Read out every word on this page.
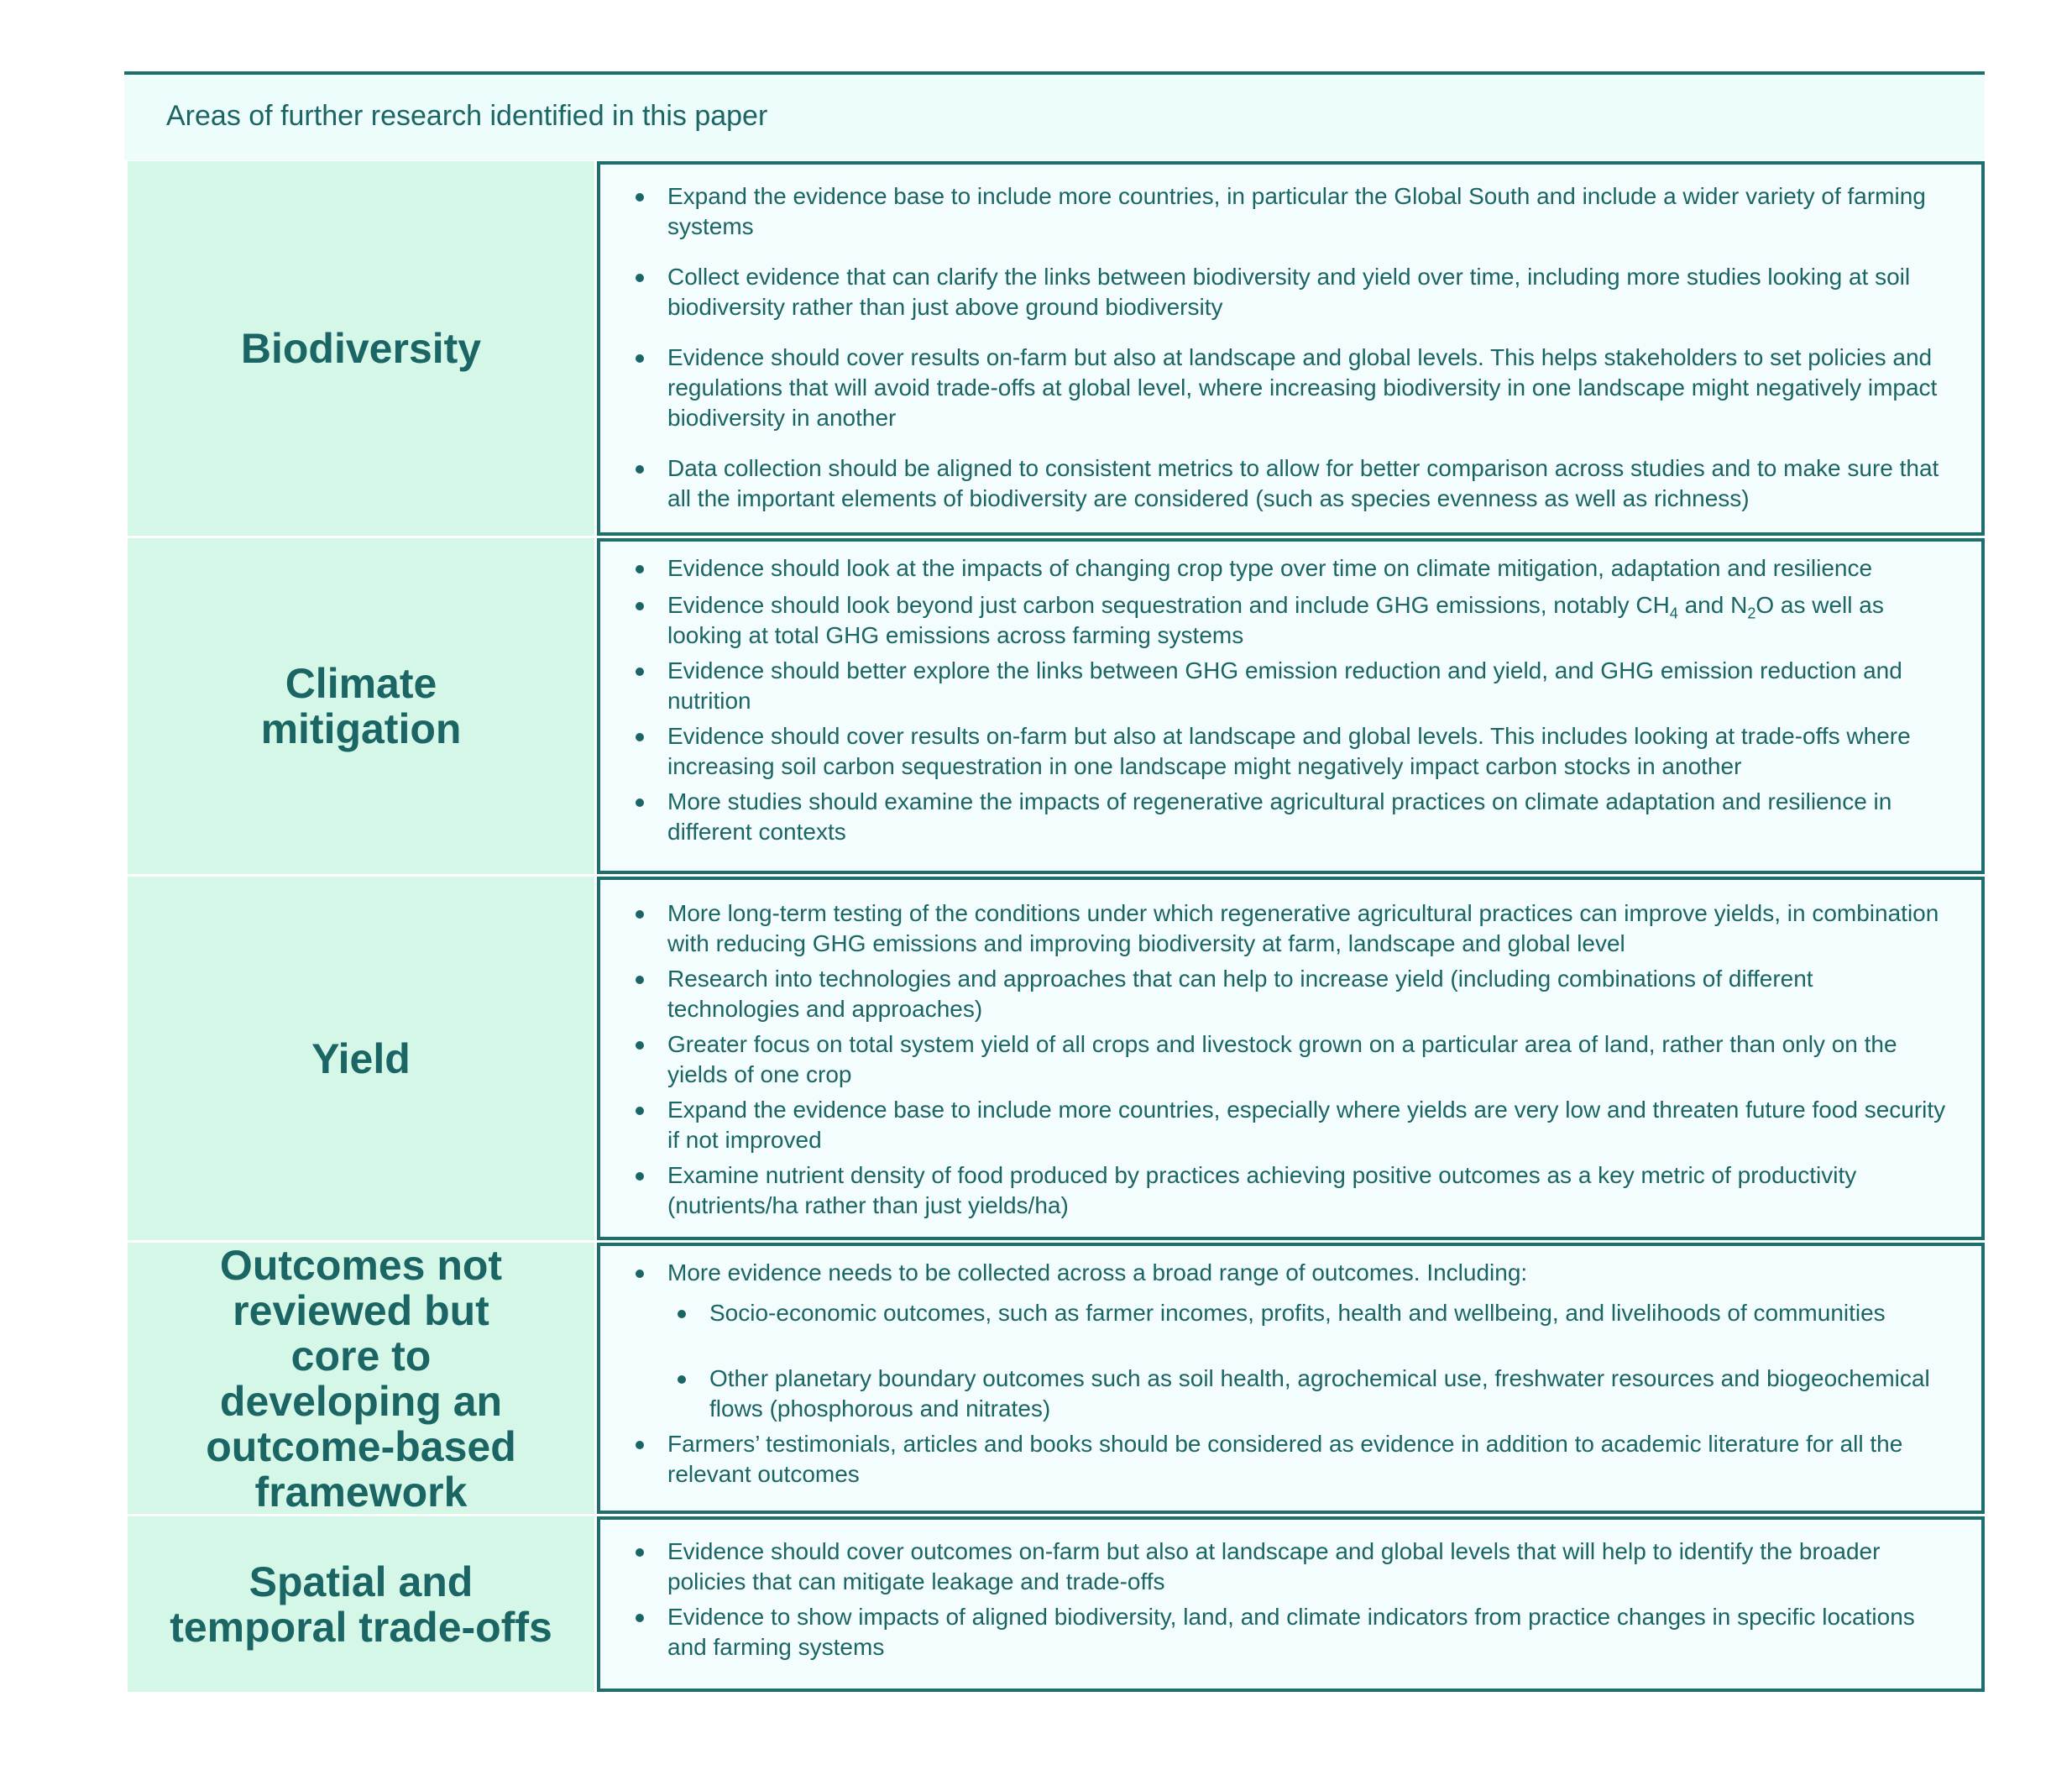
Areas of further research identified in this paper
Biodiversity
Expand the evidence base to include more countries, in particular the Global South and include a wider variety of farming systems
Collect evidence that can clarify the links between biodiversity and yield over time, including more studies looking at soil biodiversity rather than just above ground biodiversity
Evidence should cover results on-farm but also at landscape and global levels. This helps stakeholders to set policies and regulations that will avoid trade-offs at global level, where increasing biodiversity in one landscape might negatively impact biodiversity in another
Data collection should be aligned to consistent metrics to allow for better comparison across studies and to make sure that all the important elements of biodiversity are considered (such as species evenness as well as richness)
Climate mitigation
Evidence should look at the impacts of changing crop type over time on climate mitigation, adaptation and resilience
Evidence should look beyond just carbon sequestration and include GHG emissions, notably $CH_4$ and $N_2O$ as well as looking at total GHG emissions across farming systems
Evidence should better explore the links between GHG emission reduction and yield, and GHG emission reduction and nutrition
Evidence should cover results on-farm but also at landscape and global levels. This includes looking at trade-offs where increasing soil carbon sequestration in one landscape might negatively impact carbon stocks in another
More studies should examine the impacts of regenerative agricultural practices on climate adaptation and resilience in different contexts
Yield
More long-term testing of the conditions under which regenerative agricultural practices can improve yields, in combination with reducing GHG emissions and improving biodiversity at farm, landscape and global level
Research into technologies and approaches that can help to increase yield (including combinations of different technologies and approaches)
Greater focus on total system yield of all crops and livestock grown on a particular area of land, rather than only on the yields of one crop
Expand the evidence base to include more countries, especially where yields are very low and threaten future food security if not improved
Examine nutrient density of food produced by practices achieving positive outcomes as a key metric of productivity (nutrients/ha rather than just yields/ha)
Outcomes not reviewed but core to developing an outcome-based framework
More evidence needs to be collected across a broad range of outcomes. Including:
Socio-economic outcomes, such as farmer incomes, profits, health and wellbeing, and livelihoods of communities
Other planetary boundary outcomes such as soil health, agrochemical use, freshwater resources and biogeochemical flows (phosphorous and nitrates)
Farmers’ testimonials, articles and books should be considered as evidence in addition to academic literature for all the relevant outcomes
Spatial and temporal trade-offs
Evidence should cover outcomes on-farm but also at landscape and global levels that will help to identify the broader policies that can mitigate leakage and trade-offs
Evidence to show impacts of aligned biodiversity, land, and climate indicators from practice changes in specific locations and farming systems
